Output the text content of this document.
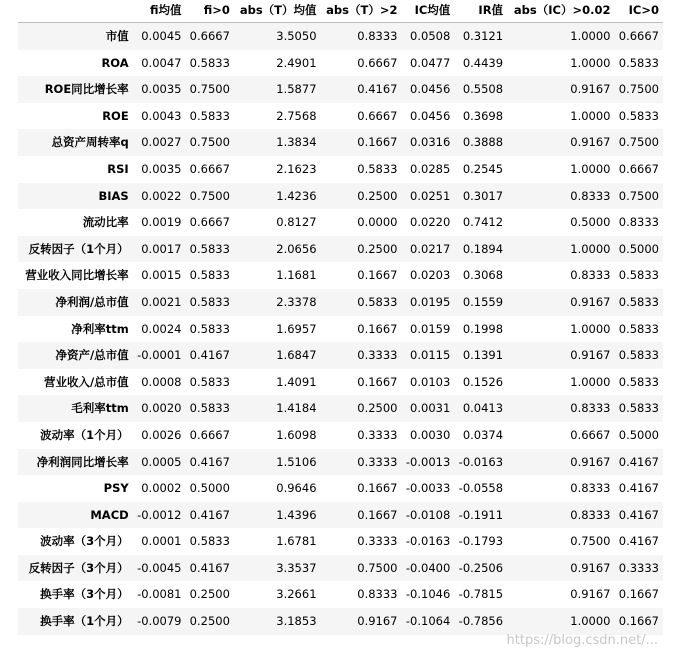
	fi均值	fi>0	abs（T）均值	abs（T）>2	IC均值	IR值	abs（IC）>0.02	IC>0
市值	0.0045	0.6667	3.5050	0.8333	0.0508	0.3121	1.0000	0.6667
ROA	0.0047	0.5833	2.4901	0.6667	0.0477	0.4439	1.0000	0.5833
ROE同比增长率	0.0035	0.7500	1.5877	0.4167	0.0456	0.5508	0.9167	0.7500
ROE	0.0043	0.5833	2.7568	0.6667	0.0456	0.3698	1.0000	0.5833
总资产周转率q	0.0027	0.7500	1.3834	0.1667	0.0316	0.3888	0.9167	0.7500
RSI	0.0035	0.6667	2.1623	0.5833	0.0285	0.2545	1.0000	0.6667
BIAS	0.0022	0.7500	1.4236	0.2500	0.0251	0.3017	0.8333	0.7500
流动比率	0.0019	0.6667	0.8127	0.0000	0.0220	0.7412	0.5000	0.8333
反转因子（1个月）	0.0017	0.5833	2.0656	0.2500	0.0217	0.1894	1.0000	0.5000
营业收入同比增长率	0.0015	0.5833	1.1681	0.1667	0.0203	0.3068	0.8333	0.5833
净利润/总市值	0.0021	0.5833	2.3378	0.5833	0.0195	0.1559	0.9167	0.5833
净利率ttm	0.0024	0.5833	1.6957	0.1667	0.0159	0.1998	1.0000	0.5833
净资产/总市值	-0.0001	0.4167	1.6847	0.3333	0.0115	0.1391	0.9167	0.5833
营业收入/总市值	0.0008	0.5833	1.4091	0.1667	0.0103	0.1526	1.0000	0.5833
毛利率ttm	0.0020	0.5833	1.4184	0.2500	0.0031	0.0413	0.8333	0.5833
波动率（1个月）	0.0026	0.6667	1.6098	0.3333	0.0030	0.0374	0.6667	0.5000
净利润同比增长率	0.0005	0.4167	1.5106	0.3333	-0.0013	-0.0163	0.9167	0.4167
PSY	0.0002	0.5000	0.9646	0.1667	-0.0033	-0.0558	0.8333	0.4167
MACD	-0.0012	0.4167	1.4396	0.1667	-0.0108	-0.1911	0.8333	0.4167
波动率（3个月）	0.0001	0.5833	1.6781	0.3333	-0.0163	-0.1793	0.7500	0.4167
反转因子（3个月）	-0.0045	0.4167	3.3537	0.7500	-0.0400	-0.2506	0.9167	0.3333
换手率（3个月）	-0.0081	0.2500	3.2661	0.8333	-0.1046	-0.7815	0.9167	0.1667
换手率（1个月）	-0.0079	0.2500	3.1853	0.9167	-0.1064	-0.7856	1.0000	0.1667
https://blog.csdn.net/...
